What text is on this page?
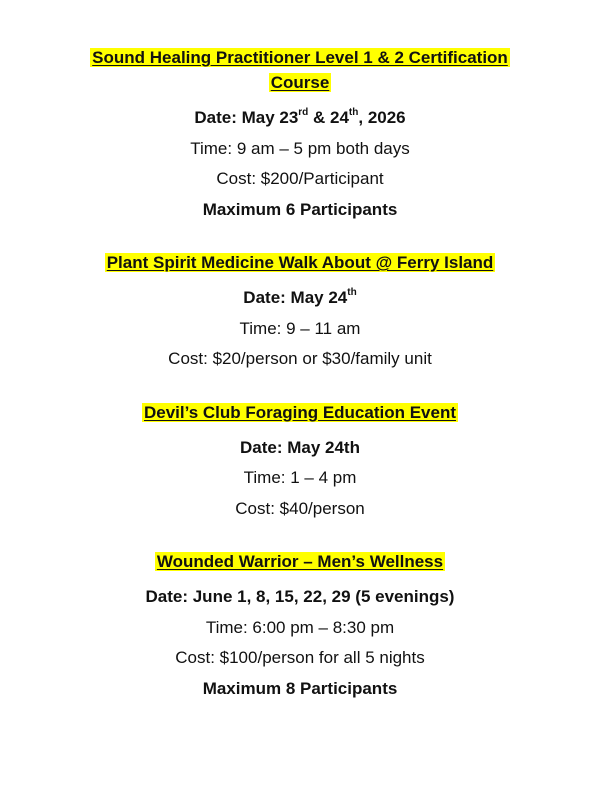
Sound Healing Practitioner Level 1 & 2 Certification Course
Date: May 23rd & 24th, 2026
Time: 9 am – 5 pm both days
Cost: $200/Participant
Maximum 6 Participants
Plant Spirit Medicine Walk About @ Ferry Island
Date: May 24th
Time: 9 – 11 am
Cost: $20/person or $30/family unit
Devil’s Club Foraging Education Event
Date: May 24th
Time: 1 – 4 pm
Cost: $40/person
Wounded Warrior – Men’s Wellness
Date: June 1, 8, 15, 22, 29 (5 evenings)
Time: 6:00 pm – 8:30 pm
Cost: $100/person for all 5 nights
Maximum 8 Participants
